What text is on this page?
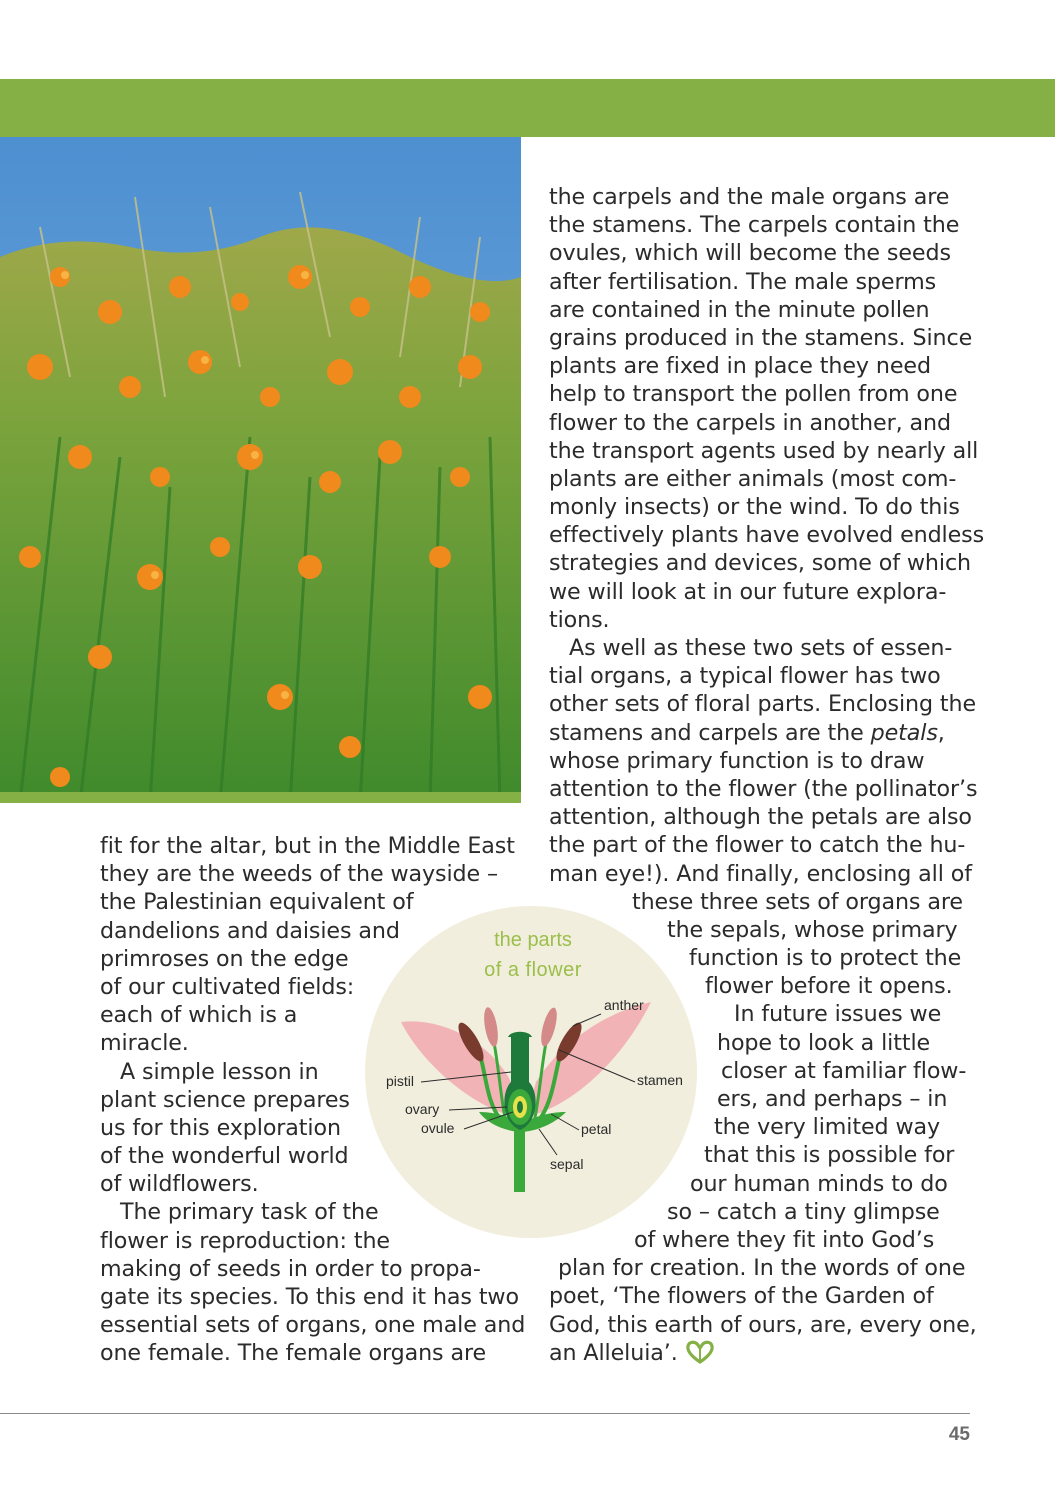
fit for the altar, but in the Middle East
they are the weeds of the wayside –
the Palestinian equivalent of
dandelions and daisies and
primroses on the edge
of our cultivated fields:
each of which is a
miracle.
A simple lesson in
plant science prepares
us for this exploration
of the wonderful world
of wildflowers.
The primary task of the
flower is reproduction: the
making of seeds in order to propa-
gate its species. To this end it has two
essential sets of organs, one male and
one female. The female organs are
the carpels and the male organs are
the stamens. The carpels contain the
ovules, which will become the seeds
after fertilisation. The male sperms
are contained in the minute pollen
grains produced in the stamens. Since
plants are fixed in place they need
help to transport the pollen from one
flower to the carpels in another, and
the transport agents used by nearly all
plants are either animals (most com-
monly insects) or the wind. To do this
effectively plants have evolved endless
strategies and devices, some of which
we will look at in our future explora-
tions.
As well as these two sets of essen-
tial organs, a typical flower has two
other sets of floral parts. Enclosing the
stamens and carpels are the petals,
whose primary function is to draw
attention to the flower (the pollinator’s
attention, although the petals are also
the part of the flower to catch the hu-
man eye!). And finally, enclosing all of
these three sets of organs are
the sepals, whose primary
function is to protect the
flower before it opens.
In future issues we
hope to look a little
closer at familiar flow-
ers, and perhaps – in
the very limited way
that this is possible for
our human minds to do
so – catch a tiny glimpse
of where they fit into God’s
plan for creation. In the words of one
poet, ‘The flowers of the Garden of
God, this earth of ours, are, every one,
an Alleluia’.
the parts
of a flower
anther
pistil	stamen
ovary
ovule	petal
sepal
45
